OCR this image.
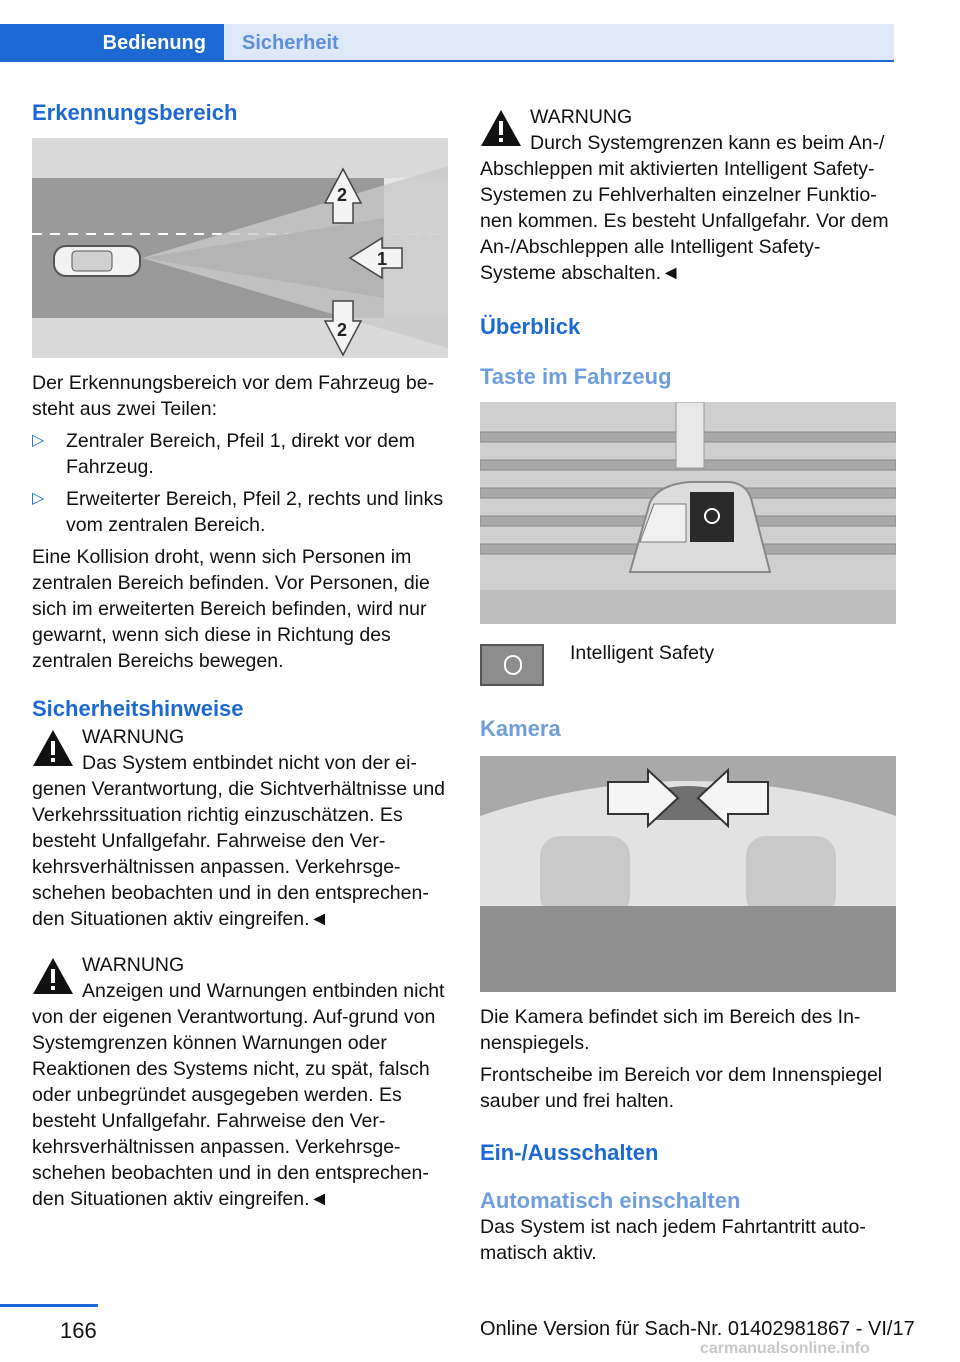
Bedienung	Sicherheit
Erkennungsbereich
2
1
2

Der Erkennungsbereich vor dem Fahrzeug be-steht aus zwei Teilen:

▷ Zentraler Bereich, Pfeil 1, direkt vor dem Fahrzeug.
▷ Erweiterter Bereich, Pfeil 2, rechts und links vom zentralen Bereich.

Eine Kollision droht, wenn sich Personen im zentralen Bereich befinden. Vor Personen, die sich im erweiterten Bereich befinden, wird nur gewarnt, wenn sich diese in Richtung des zentralen Bereichs bewegen.

Sicherheitshinweise
WARNUNG
Das System entbindet nicht von der ei-genen Verantwortung, die Sichtverhältnisse und Verkehrssituation richtig einzuschätzen. Es besteht Unfallgefahr. Fahrweise den Ver-kehrsverhältnissen anpassen. Verkehrsge-schehen beobachten und in den entsprechen-den Situationen aktiv eingreifen.◄
WARNUNG
Anzeigen und Warnungen entbinden nicht von der eigenen Verantwortung. Auf-grund von Systemgrenzen können Warnungen oder Reaktionen des Systems nicht, zu spät, falsch oder unbegründet ausgegeben werden. Es besteht Unfallgefahr. Fahrweise den Ver-kehrsverhältnissen anpassen. Verkehrsge-schehen beobachten und in den entsprechen-den Situationen aktiv eingreifen.◄
WARNUNG
Durch Systemgrenzen kann es beim An-/ Abschleppen mit aktivierten Intelligent Safety-Systemen zu Fehlverhalten einzelner Funktio-nen kommen. Es besteht Unfallgefahr. Vor dem An-/Abschleppen alle Intelligent Safety-Systeme abschalten.◄
Überblick
Taste im Fahrzeug
Intelligent Safety
Kamera

Die Kamera befindet sich im Bereich des In-nenspiegels.

Frontscheibe im Bereich vor dem Innenspiegel sauber und frei halten.

Ein-/Ausschalten
Automatisch einschalten

Das System ist nach jedem Fahrtantritt auto-matisch aktiv.

166	Online Version für Sach-Nr. 01402981867 - VI/17
carmanualsonline.info
